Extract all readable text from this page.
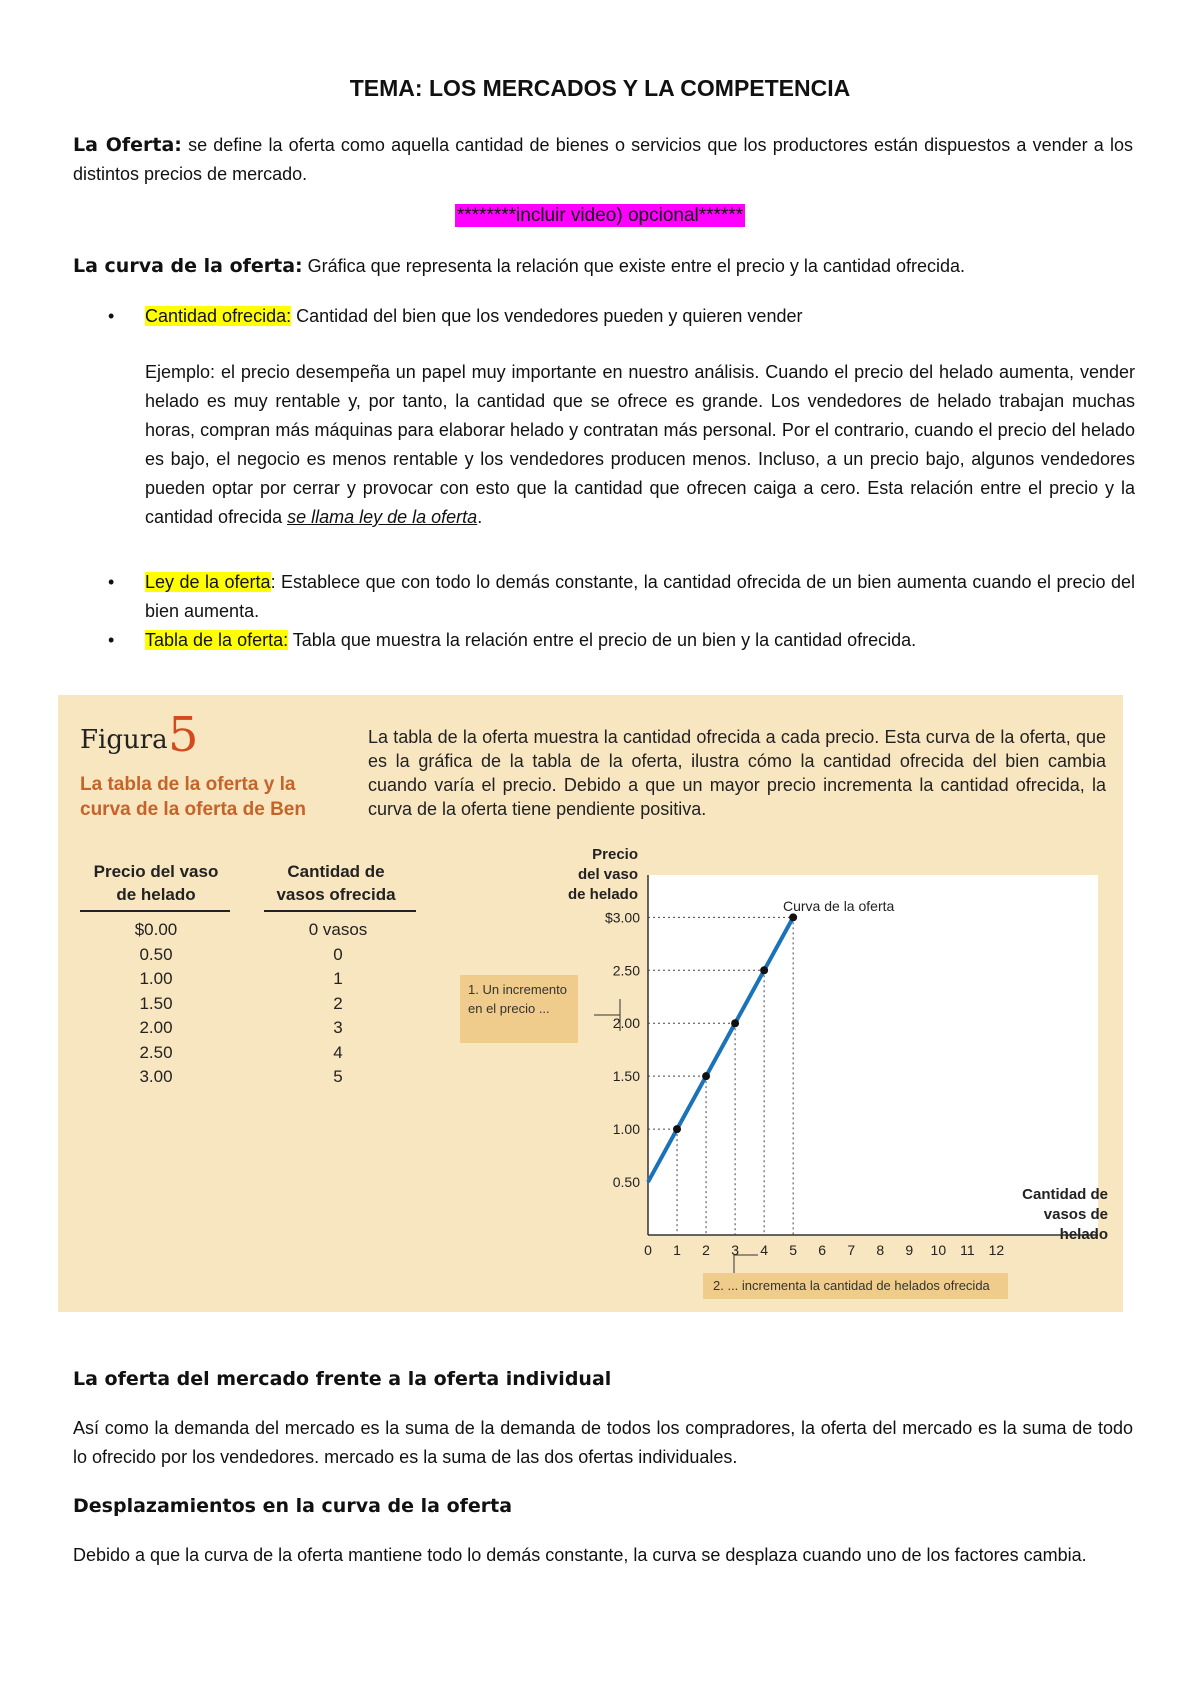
TEMA: LOS MERCADOS Y LA COMPETENCIA
La Oferta: se define la oferta como aquella cantidad de bienes o servicios que los productores están dispuestos a vender a los distintos precios de mercado.
********incluir video) opcional******
La curva de la oferta: Gráfica que representa la relación que existe entre el precio y la cantidad ofrecida.
• Cantidad ofrecida: Cantidad del bien que los vendedores pueden y quieren vender
Ejemplo: el precio desempeña un papel muy importante en nuestro análisis. Cuando el precio del helado aumenta, vender helado es muy rentable y, por tanto, la cantidad que se ofrece es grande. Los vendedores de helado trabajan muchas horas, compran más máquinas para elaborar helado y contratan más personal. Por el contrario, cuando el precio del helado es bajo, el negocio es menos rentable y los vendedores producen menos. Incluso, a un precio bajo, algunos vendedores pueden optar por cerrar y provocar con esto que la cantidad que ofrecen caiga a cero. Esta relación entre el precio y la cantidad ofrecida se llama ley de la oferta.
• Ley de la oferta: Establece que con todo lo demás constante, la cantidad ofrecida de un bien aumenta cuando el precio del bien aumenta.
• Tabla de la oferta: Tabla que muestra la relación entre el precio de un bien y la cantidad ofrecida.
Figura 5
La tabla de la oferta y la curva de la oferta de Ben
La tabla de la oferta muestra la cantidad ofrecida a cada precio. Esta curva de la oferta, que es la gráfica de la tabla de la oferta, ilustra cómo la cantidad ofrecida del bien cambia cuando varía el precio. Debido a que un mayor precio incrementa la cantidad ofrecida, la curva de la oferta tiene pendiente positiva.
Precio del vaso
de helado
Cantidad de
vasos ofrecida
$0.00	0 vasos
0.50	0
1.00	1
1.50	2
2.00	3
2.50	4
3.00	5
$3.00
2.50
2.00
1.50
1.00
0.50
0 1 2 3 4 5 6 7 8 9 10 11 12
Precio
del vaso
de helado
Cantidad de
vasos de helado
Curva de la oferta
1. Un incremento en el precio ...
2. ... incrementa la cantidad de helados ofrecida
La oferta del mercado frente a la oferta individual
Así como la demanda del mercado es la suma de la demanda de todos los compradores, la oferta del mercado es la suma de todo lo ofrecido por los vendedores. mercado es la suma de las dos ofertas individuales.
Desplazamientos en la curva de la oferta
Debido a que la curva de la oferta mantiene todo lo demás constante, la curva se desplaza cuando uno de los factores cambia.
